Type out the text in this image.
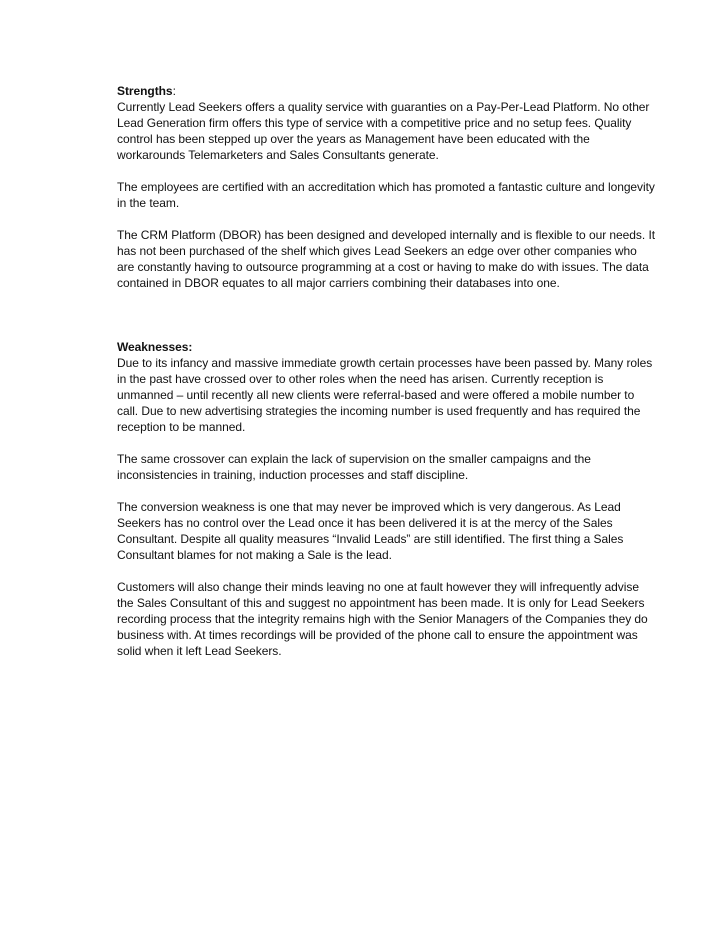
Strengths:

Currently Lead Seekers offers a quality service with guaranties on a Pay-Per-Lead Platform. No other Lead Generation firm offers this type of service with a competitive price and no setup fees. Quality control has been stepped up over the years as Management have been educated with the workarounds Telemarketers and Sales Consultants generate.

The employees are certified with an accreditation which has promoted a fantastic culture and longevity in the team.

The CRM Platform (DBOR) has been designed and developed internally and is flexible to our needs. It has not been purchased of the shelf which gives Lead Seekers an edge over other companies who are constantly having to outsource programming at a cost or having to make do with issues. The data contained in DBOR equates to all major carriers combining their databases into one.

Weaknesses:

Due to its infancy and massive immediate growth certain processes have been passed by. Many roles in the past have crossed over to other roles when the need has arisen. Currently reception is unmanned – until recently all new clients were referral-based and were offered a mobile number to call. Due to new advertising strategies the incoming number is used frequently and has required the reception to be manned.

The same crossover can explain the lack of supervision on the smaller campaigns and the inconsistencies in training, induction processes and staff discipline.

The conversion weakness is one that may never be improved which is very dangerous. As Lead Seekers has no control over the Lead once it has been delivered it is at the mercy of the Sales Consultant. Despite all quality measures “Invalid Leads” are still identified. The first thing a Sales Consultant blames for not making a Sale is the lead.

Customers will also change their minds leaving no one at fault however they will infrequently advise the Sales Consultant of this and suggest no appointment has been made. It is only for Lead Seekers recording process that the integrity remains high with the Senior Managers of the Companies they do business with. At times recordings will be provided of the phone call to ensure the appointment was solid when it left Lead Seekers.
